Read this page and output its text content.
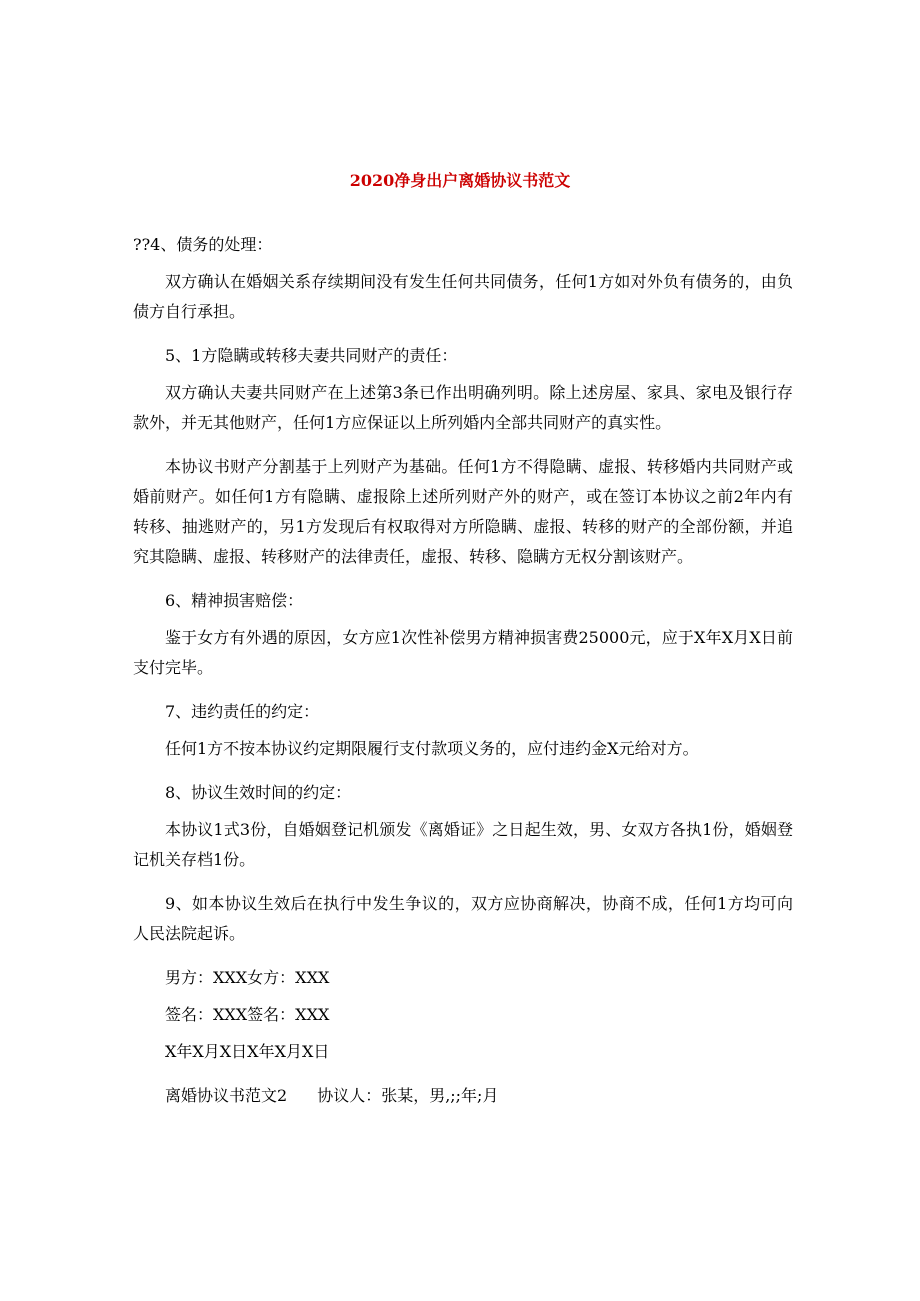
2020净身出户离婚协议书范文

??4、债务的处理：

双方确认在婚姻关系存续期间没有发生任何共同债务，任何1方如对外负有债务的，由负债方自行承担。

5、1方隐瞒或转移夫妻共同财产的责任：

双方确认夫妻共同财产在上述第3条已作出明确列明。除上述房屋、家具、家电及银行存款外，并无其他财产，任何1方应保证以上所列婚内全部共同财产的真实性。

本协议书财产分割基于上列财产为基础。任何1方不得隐瞒、虚报、转移婚内共同财产或婚前财产。如任何1方有隐瞒、虚报除上述所列财产外的财产，或在签订本协议之前2年内有转移、抽逃财产的，另1方发现后有权取得对方所隐瞒、虚报、转移的财产的全部份额，并追究其隐瞒、虚报、转移财产的法律责任，虚报、转移、隐瞒方无权分割该财产。

6、精神损害赔偿：

鉴于女方有外遇的原因，女方应1次性补偿男方精神损害费25000元，应于X年X月X日前支付完毕。

7、违约责任的约定：

任何1方不按本协议约定期限履行支付款项义务的，应付违约金X元给对方。

8、协议生效时间的约定：

本协议1式3份，自婚姻登记机颁发《离婚证》之日起生效，男、女双方各执1份，婚姻登记机关存档1份。

9、如本协议生效后在执行中发生争议的，双方应协商解决，协商不成，任何1方均可向人民法院起诉。

男方：XXX女方：XXX

签名：XXX签名：XXX

X年X月X日X年X月X日

离婚协议书范文2 协议人：张某，男,;;年;月
